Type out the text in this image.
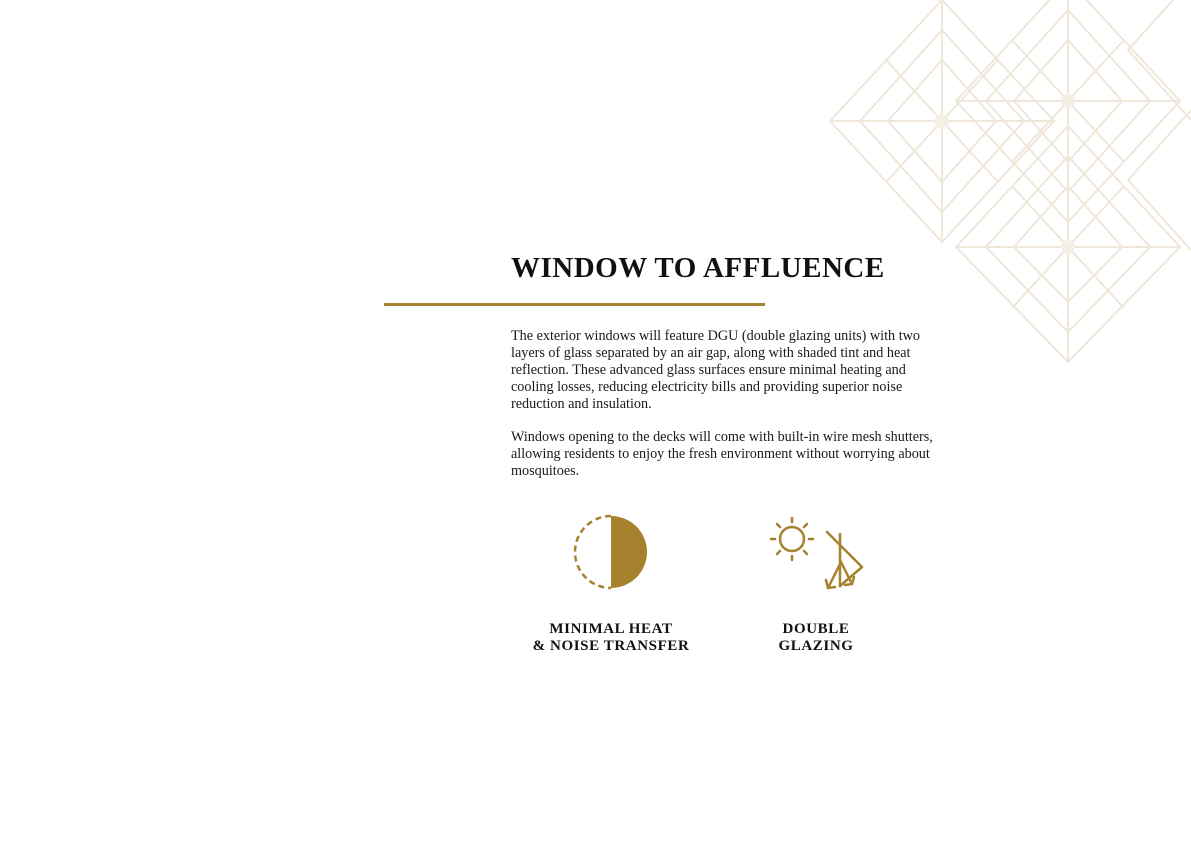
WINDOW TO AFFLUENCE

The exterior windows will feature DGU (double glazing units) with two layers of glass separated by an air gap, along with shaded tint and heat reflection. These advanced glass surfaces ensure minimal heating and cooling losses, reducing electricity bills and providing superior noise reduction and insulation.

Windows opening to the decks will come with built-in wire mesh shutters, allowing residents to enjoy the fresh environment without worrying about mosquitoes.

MINIMAL HEAT
& NOISE TRANSFER
DOUBLE
GLAZING
